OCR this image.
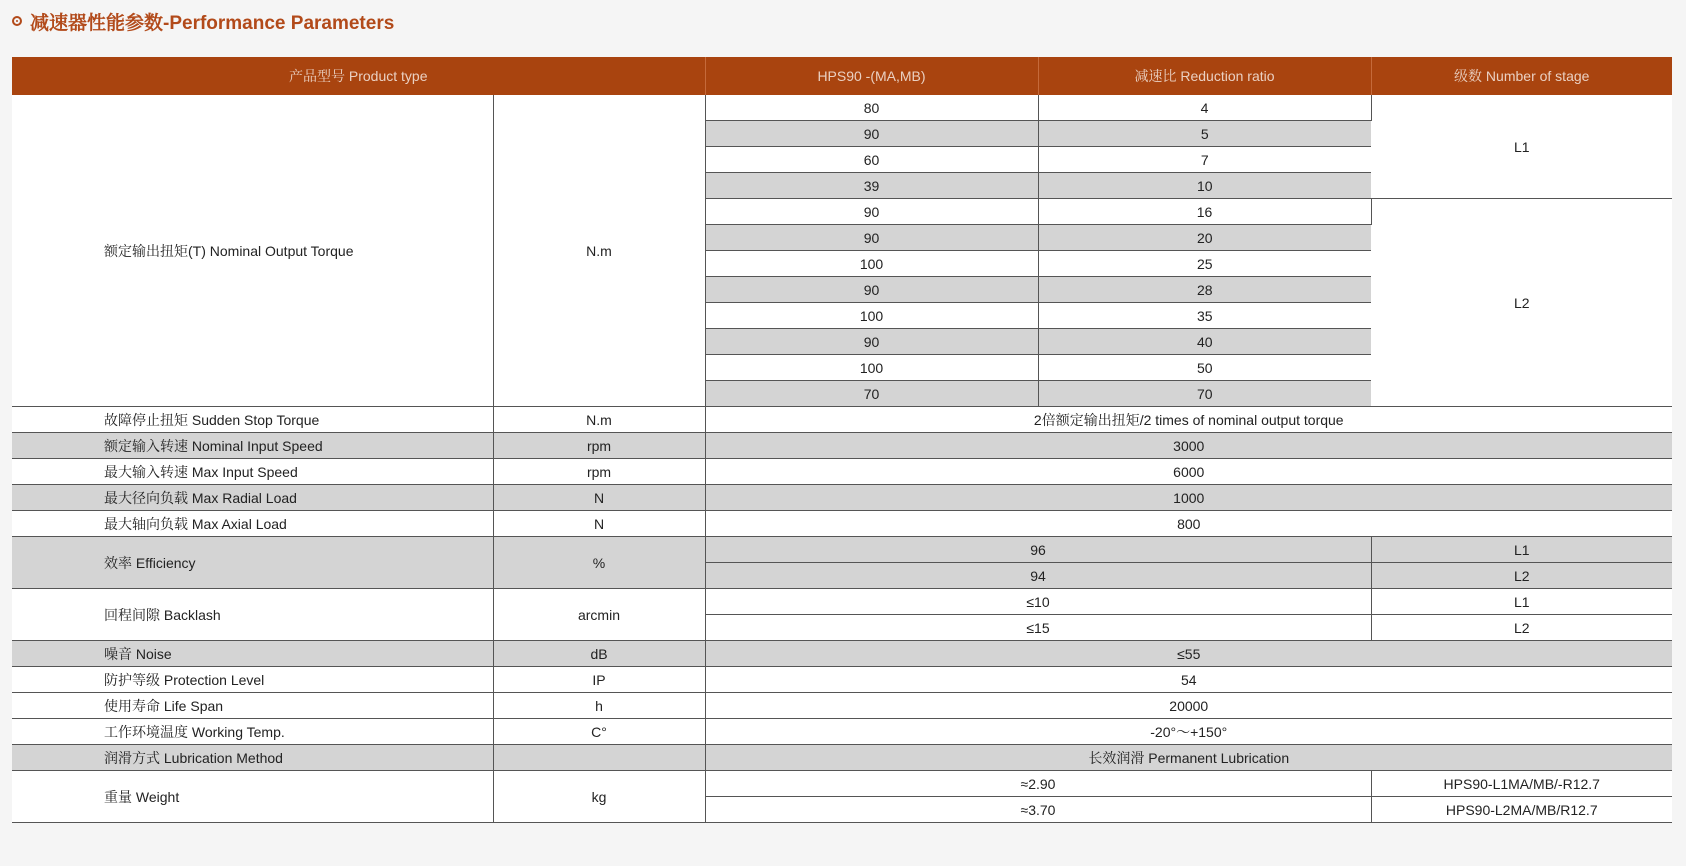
减速器性能参数-Performance Parameters
产品型号 Product type		HPS90 -(MA,MB)	减速比 Reduction ratio	级数 Number of stage
额定输出扭矩(T) Nominal Output Torque	N.m	80	4	L1
		90	5	
		60	7	
		39	10	
		90	16	L2
		90	20	
		100	25	
		90	28	
		100	35	
		90	40	
		100	50	
		70	70	
故障停止扭矩 Sudden Stop Torque	N.m	2倍额定输出扭矩/2 times of nominal output torque		
额定输入转速 Nominal Input Speed	rpm	3000		
最大输入转速 Max Input Speed	rpm	6000		
最大径向负载 Max Radial Load	N	1000		
最大轴向负载 Max Axial Load	N	800		
效率 Efficiency	%	96		L1
		94		L2
回程间隙 Backlash	arcmin	≤10		L1
		≤15		L2
噪音 Noise	dB	≤55		
防护等级 Protection Level	IP	54		
使用寿命 Life Span	h	20000		
工作环境温度 Working Temp.	C°	-20°～+150°		
润滑方式 Lubrication Method		长效润滑 Permanent Lubrication		
重量 Weight	kg	≈2.90		HPS90-L1MA/MB/-R12.7
		≈3.70		HPS90-L2MA/MB/R12.7
